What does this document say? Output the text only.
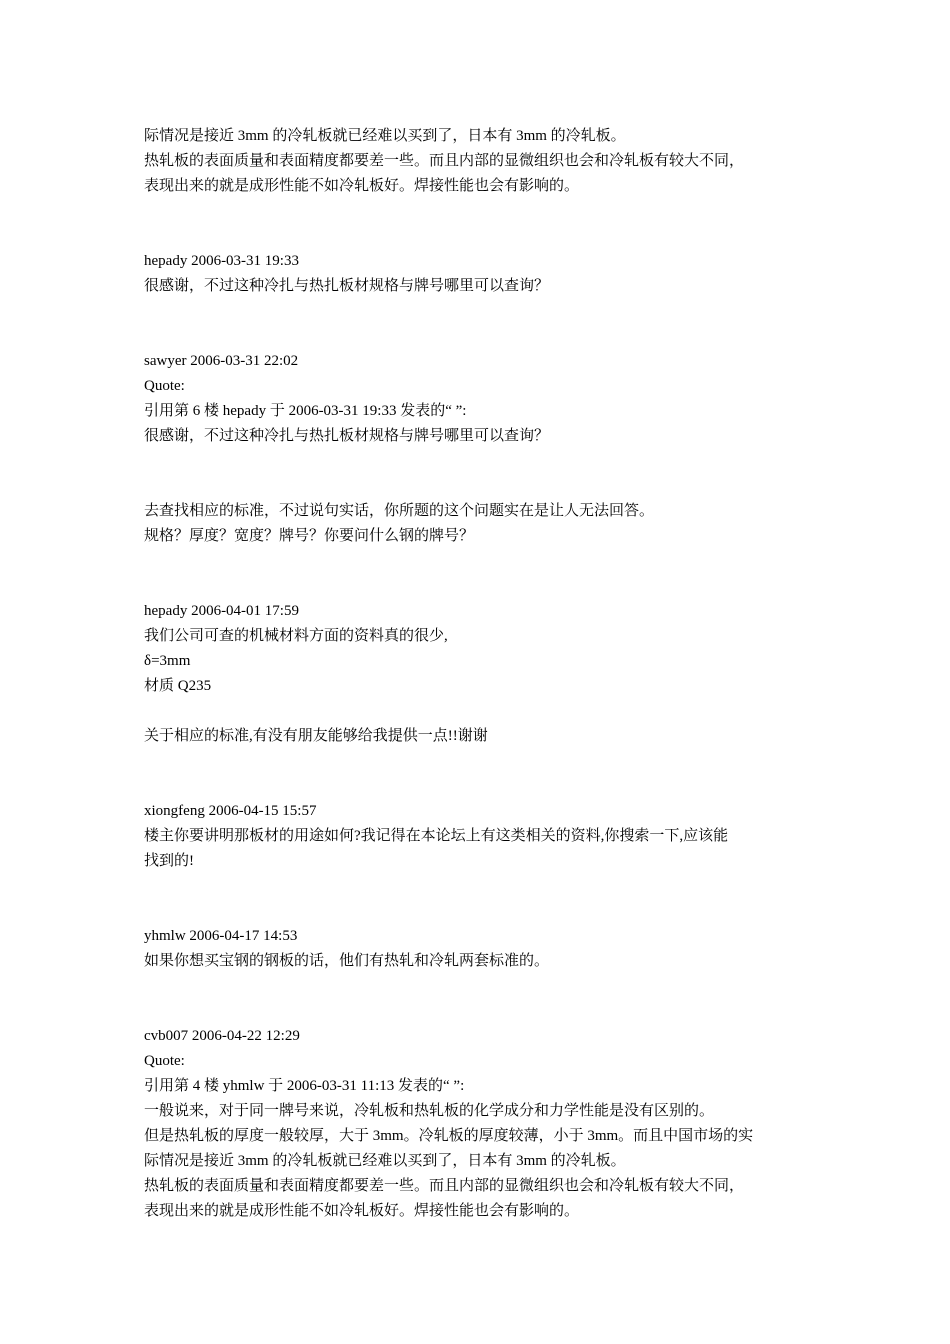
际情况是接近 3mm 的冷轧板就已经难以买到了，日本有 3mm 的冷轧板。
热轧板的表面质量和表面精度都要差一些。而且内部的显微组织也会和冷轧板有较大不同，
表现出来的就是成形性能不如冷轧板好。焊接性能也会有影响的。
hepady 2006-03-31 19:33
很感谢，不过这种冷扎与热扎板材规格与牌号哪里可以查询？
sawyer 2006-03-31 22:02
Quote:
引用第 6 楼 hepady 于 2006-03-31 19:33 发表的“ ”:
很感谢，不过这种冷扎与热扎板材规格与牌号哪里可以查询？
去查找相应的标准，不过说句实话，你所题的这个问题实在是让人无法回答。
规格？厚度？宽度？牌号？你要问什么钢的牌号？
hepady 2006-04-01 17:59
我们公司可查的机械材料方面的资料真的很少,
δ=3mm
材质 Q235
关于相应的标准,有没有朋友能够给我提供一点!!谢谢
xiongfeng 2006-04-15 15:57
楼主你要讲明那板材的用途如何?我记得在本论坛上有这类相关的资料,你搜索一下,应该能
找到的!
yhmlw 2006-04-17 14:53
如果你想买宝钢的钢板的话，他们有热轧和冷轧两套标准的。
cvb007 2006-04-22 12:29
Quote:
引用第 4 楼 yhmlw 于 2006-03-31 11:13 发表的“ ”:
一般说来，对于同一牌号来说，冷轧板和热轧板的化学成分和力学性能是没有区别的。
但是热轧板的厚度一般较厚，大于 3mm。冷轧板的厚度较薄，小于 3mm。而且中国市场的实
际情况是接近 3mm 的冷轧板就已经难以买到了，日本有 3mm 的冷轧板。
热轧板的表面质量和表面精度都要差一些。而且内部的显微组织也会和冷轧板有较大不同，
表现出来的就是成形性能不如冷轧板好。焊接性能也会有影响的。
